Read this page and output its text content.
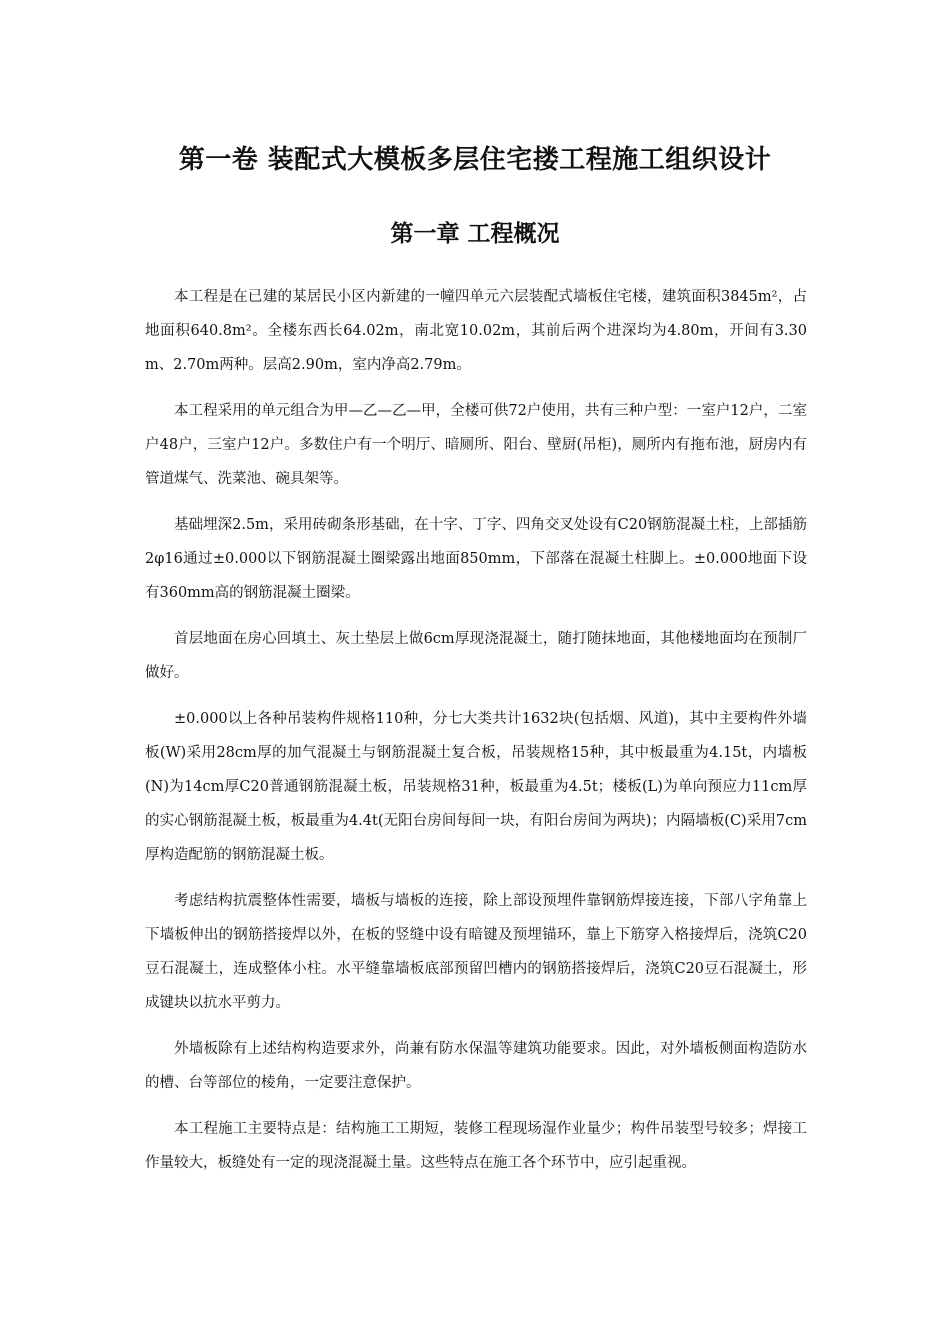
第一卷 装配式大模板多层住宅搂工程施工组织设计
第一章 工程概况

本工程是在已建的某居民小区内新建的一幢四单元六层装配式墙板住宅楼，建筑面积3845m²，占地面积640.8m²。全楼东西长64.02m，南北宽10.02m，其前后两个进深均为4.80m，开间有3.30m、2.70m两种。层高2.90m，室内净高2.79m。

本工程采用的单元组合为甲—乙—乙—甲，全楼可供72户使用，共有三种户型：一室户12户，二室户48户，三室户12户。多数住户有一个明厅、暗厕所、阳台、壁厨(吊柜)，厕所内有拖布池，厨房内有管道煤气、洗菜池、碗具架等。

基础埋深2.5m，采用砖砌条形基础，在十字、丁字、四角交叉处设有C20钢筋混凝土柱，上部插筋2φ16通过±0.000以下钢筋混凝土圈梁露出地面850mm，下部落在混凝土柱脚上。±0.000地面下设有360mm高的钢筋混凝土圈梁。

首层地面在房心回填土、灰土垫层上做6cm厚现浇混凝土，随打随抹地面，其他楼地面均在预制厂做好。

±0.000以上各种吊装构件规格110种，分七大类共计1632块(包括烟、风道)，其中主要构件外墙板(W)采用28cm厚的加气混凝土与钢筋混凝土复合板，吊装规格15种，其中板最重为4.15t，内墙板(N)为14cm厚C20普通钢筋混凝土板，吊装规格31种，板最重为4.5t；楼板(L)为单向预应力11cm厚的实心钢筋混凝土板，板最重为4.4t(无阳台房间每间一块，有阳台房间为两块)；内隔墙板(C)采用7cm厚构造配筋的钢筋混凝土板。

考虑结构抗震整体性需要，墙板与墙板的连接，除上部设预埋件靠钢筋焊接连接，下部八字角靠上下墙板伸出的钢筋搭接焊以外，在板的竖缝中设有暗键及预埋锚环，靠上下筋穿入格接焊后，浇筑C20豆石混凝土，连成整体小柱。水平缝靠墙板底部预留凹槽内的钢筋搭接焊后，浇筑C20豆石混凝土，形成键块以抗水平剪力。

外墙板除有上述结构构造要求外，尚兼有防水保温等建筑功能要求。因此，对外墙板侧面构造防水的槽、台等部位的棱角，一定要注意保护。

本工程施工主要特点是：结构施工工期短，装修工程现场湿作业量少；构件吊装型号较多；焊接工作量较大，板缝处有一定的现浇混凝土量。这些特点在施工各个环节中，应引起重视。
